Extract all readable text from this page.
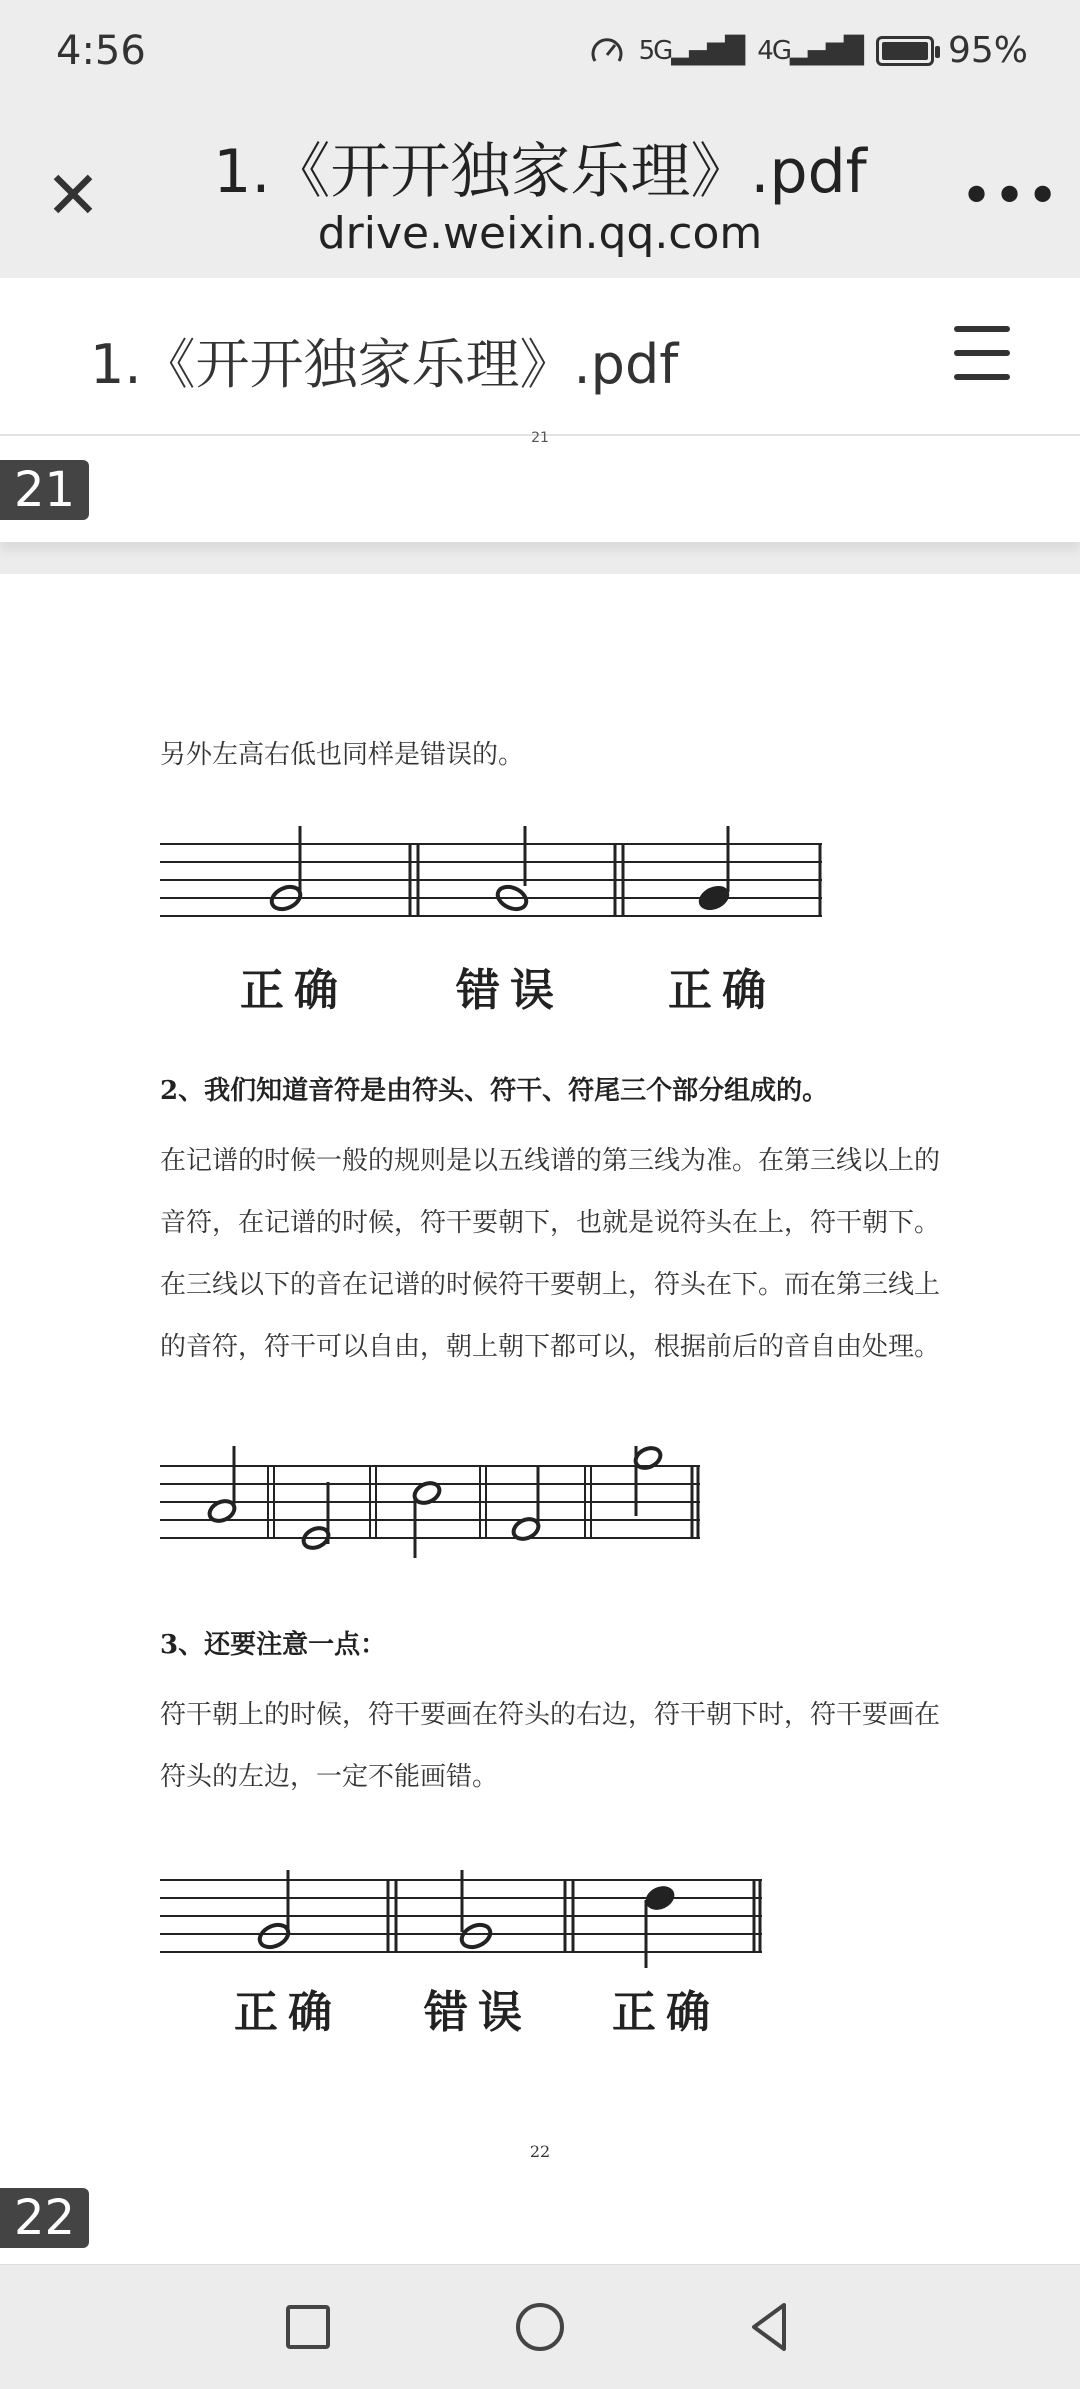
4:56	5G▂▄▆█ 4G▂▄▆█ 95%
✕	1.《开开独家乐理》.pdf
drive.weixin.qq.com
•••
1.《开开独家乐理》.pdf
21
21
另外左高右低也同样是错误的。
正确 错误 正确
2、我们知道音符是由符头、符干、符尾三个部分组成的。
在记谱的时候一般的规则是以五线谱的第三线为准。在第三线以上的
音符，在记谱的时候，符干要朝下，也就是说符头在上，符干朝下。
在三线以下的音在记谱的时候符干要朝上，符头在下。而在第三线上
的音符，符干可以自由，朝上朝下都可以，根据前后的音自由处理。
3、还要注意一点：
符干朝上的时候，符干要画在符头的右边，符干朝下时，符干要画在
符头的左边，一定不能画错。
正确 错误 正确
22
22
